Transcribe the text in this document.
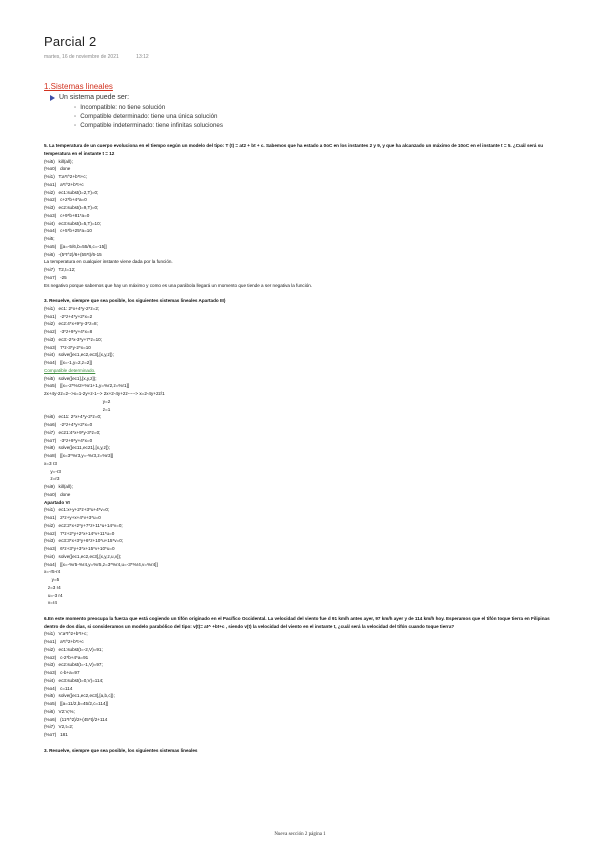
Parcial 2
martes, 16 de noviembre de 2021	13:12
1.Sistemas lineales
Un sistema puede ser:
◦ Incompatible: no tiene solución
◦ Compatible determinado: tiene una única solución
◦ Compatible indeterminado: tiene infinitas soluciones
5. La temperatura de un cuerpo evoluciona en el tiempo según un modelo del tipo: T (t) = at2 + bt + c. Sabemos que ha estado a 0oC en los instantes 2 y 9, y que ha alcanzado un máximo de 10oC en el instante t = 5. ¿Cuál será su temperatura en el instante t = 12
(%i5)   kill(all);
(%o0)   done
(%i1)   T:a*t^2+b*t+c;
(%o1)   a*t^2+b*t+c
(%i2)   ec1:subst(t=2,T)=0;
(%o2)   c+2*b+4*a=0
(%i3)   ec2:subst(t=9,T)=0;
(%o3)   c+9*b+81*a=0
(%i4)   ec3:subst(t=5,T)=10;
(%o4)   c+5*b+25*a=10
(%i5;
(%o5)   [[a=-5/6,b=55/6,c=-15]]
(%i6)   -(5*t^2)/6+(55*t)/6-15
La temperatura en cualquier instante viene dada por la función.
(%i7)   T2,t=12;
(%o7)   -25
Es negativo porque sabemos que hay un máximo y como es una parábola llegará un momento que tiende a ser negativa la función.
3. Resuelve, siempre que sea posible, los siguientes sistemas lineales Apartado III)
(%i1)   ec1: 2*x+4*y-2*z=2;
(%o1)   -2*z+4*y+2*x=2
(%i2)   ec2:4*x+9*y-3*z=8;
(%o2)   -3*z+9*y+4*x=8
(%i3)   ec3:-2*x-3*y+7*z=10;
(%o3)   7*z-3*y-2*x=10
(%i4)   solve([ec1,ec2,ec3],[x,y,z]);
(%o4)   [[x=-1,y=2,z=2]]
Compatible determinado.
(%i5)   solve([ec1],[x,y,z]);
(%o5)   [[x=-2*%r2+%r1+1,y=%r2,z=%r1]]
2x+4y-2z=2-->x=1-2y+z-1--> 2x+2-4y+2z-----> x=2-4y+2z/1
y=2
z=1
(%i6)   ec11: 2*x+4*y-2*z=0;
(%o6)   -2*z+4*y+2*x=0
(%i7)   ec21:4*x+9*y-3*z=0;
(%o7)   -3*z+9*y+4*x=0
(%i8)   solve([ec11,ec21],[x,y,z]);
(%o8)   [[x=3*%r3,y=-%r3,z=%r3]]
x=3 r3
y=-r3
z=r3
(%i9)   kill(all);
(%o0)   done
Apartado VI
(%i1)   ec1:x+y+2*z+3*u+4*v=0;
(%o1)   2*z+y+x+4*v+3*u=0
(%i2)   ec2:2*x+2*y+7*z+11*u+14*v=0;
(%o2)   7*z+2*y+2*x+14*v+11*u=0
(%i3)   ec3:3*x+3*y+6*z+10*u+15*v=0;
(%o3)   6*z+3*y+3*x+15*v+10*u=0
(%i4)   solve([ec1,ec2,ec3],[x,y,z,u,v]);
(%o4)   [[x=-%r5-%r4,y=%r5,z=3*%r4,u=-3*%r4,v=%r4]]
x=-r5-r4
y=5
z=3 r4
u=-3 r4
v=r4
6.En este momento preocupa la fuerza que está cogiendo un tifón originado en el Pacífico Occidental. La velocidad del viento fue d 91 km/h antes ayer, 97 km/h ayer y de 114 km/h hoy. Esperamos que el tifón toque tierra en Filipinas dentro de dos días, si consideramos un modelo parabólico del tipo: v(t)= at^ +bt+c , siendo v(t) la velocidad del viento en el instante t, ¿cuál será la velocidad del tifón cuando toque tierra?
(%i1)   V:a*t^2+b*t+c;
(%o1)   a*t^2+b*t+c
(%i2)   ec1:subst(t=-2,V)=91;
(%o2)   c-2*b+4*a=91
(%i3)   ec2:subst(t=-1,V)=97;
(%o3)   c-b+a=97
(%i4)   ec3:subst(t=0,V)=114;
(%o4)   c=114
(%i5)   solve([ec1,ec2,ec3],[a,b,c]);
(%o5)   [[a=11/2,b=45/2,c=114]]
(%i6)   V2:V,%;
(%o6)   (11*t^2)/2+(45*t)/2+114
(%i7)   V2,t=2;
(%o7)   181
3. Resuelve, siempre que sea posible, los siguientes sistemas lineales
Nueva sección 2 página 1
